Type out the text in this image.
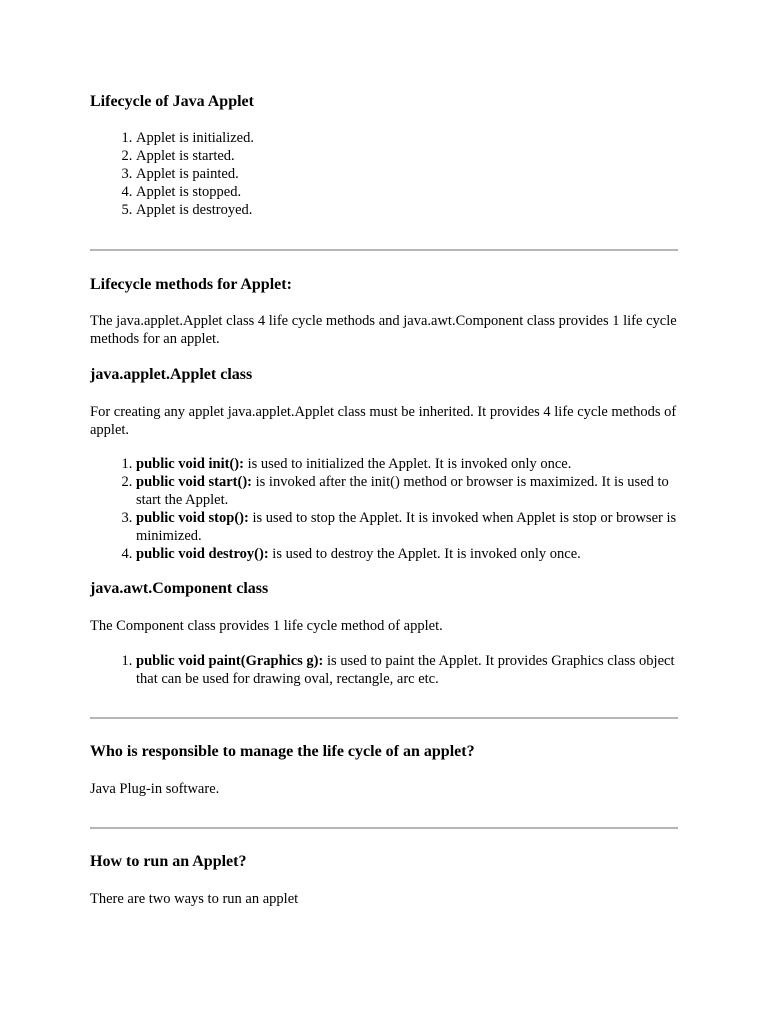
Lifecycle of Java Applet
1. Applet is initialized.
2. Applet is started.
3. Applet is painted.
4. Applet is stopped.
5. Applet is destroyed.
Lifecycle methods for Applet:

The java.applet.Applet class 4 life cycle methods and java.awt.Component class provides 1 life cycle methods for an applet.

java.applet.Applet class

For creating any applet java.applet.Applet class must be inherited. It provides 4 life cycle methods of applet.

1. public void init(): is used to initialized the Applet. It is invoked only once.
2. public void start(): is invoked after the init() method or browser is maximized. It is used to start the Applet.
3. public void stop(): is used to stop the Applet. It is invoked when Applet is stop or browser is minimized.
4. public void destroy(): is used to destroy the Applet. It is invoked only once.
java.awt.Component class

The Component class provides 1 life cycle method of applet.

1. public void paint(Graphics g): is used to paint the Applet. It provides Graphics class object that can be used for drawing oval, rectangle, arc etc.
Who is responsible to manage the life cycle of an applet?

Java Plug-in software.

How to run an Applet?

There are two ways to run an applet
